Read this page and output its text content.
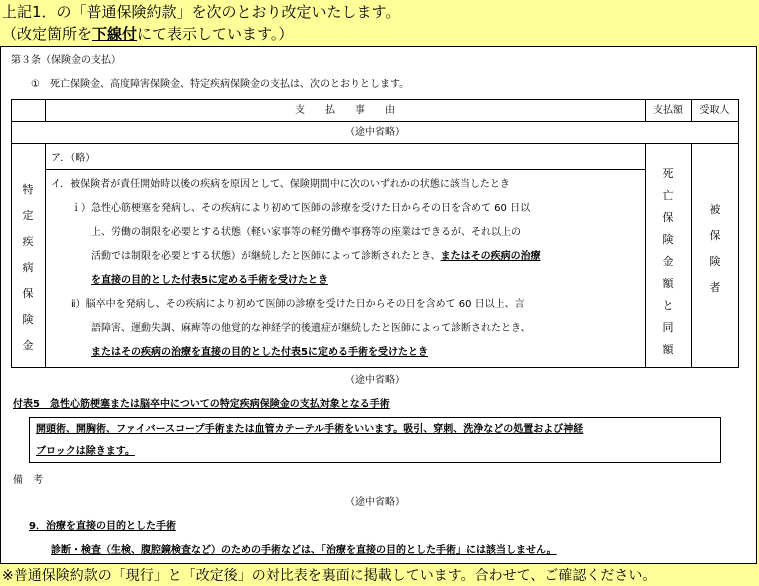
上記1．の「普通保険約款」を次のとおり改定いたします。
（改定箇所を下線付にて表示しています。）
第３条（保険金の支払）
①　死亡保険金、高度障害保険金、特定疾病保険金の支払は、次のとおりとします。
支　　払　　事　　由	支払額	受取人
（途中省略）
特
定
疾
病
保
険
金
ア．（略）
イ．被保険者が責任開始時以後の疾病を原因として、保険期間中に次のいずれかの状態に該当したとき
ｉ）急性心筋梗塞を発病し、その疾病により初めて医師の診療を受けた日からその日を含めて 60 日以
上、労働の制限を必要とする状態（軽い家事等の軽労働や事務等の座業はできるが、それ以上の
活動では制限を必要とする状態）が継続したと医師によって診断されたとき、またはその疾病の治療
を直接の目的とした付表5に定める手術を受けたとき
ⅱ）脳卒中を発病し、その疾病により初めて医師の診療を受けた日からその日を含めて 60 日以上、言
語障害、運動失調、麻痺等の他覚的な神経学的後遺症が継続したと医師によって診断されたとき、
またはその疾病の治療を直接の目的とした付表5に定める手術を受けたとき
死
亡
保
険
金
額
と
同
額
被
保
険
者
（途中省略）
付表5　急性心筋梗塞または脳卒中についての特定疾病保険金の支払対象となる手術
開頭術、開胸術、ファイバースコープ手術または血管カテーテル手術をいいます。吸引、穿刺、洗浄などの処置および神経
ブロックは除きます。
備　考
（途中省略）
9．治療を直接の目的とした手術
診断・検査（生検、腹腔鏡検査など）のための手術などは、「治療を直接の目的とした手術」には該当しません。
※普通保険約款の「現行」と「改定後」の対比表を裏面に掲載しています。合わせて、ご確認ください。
